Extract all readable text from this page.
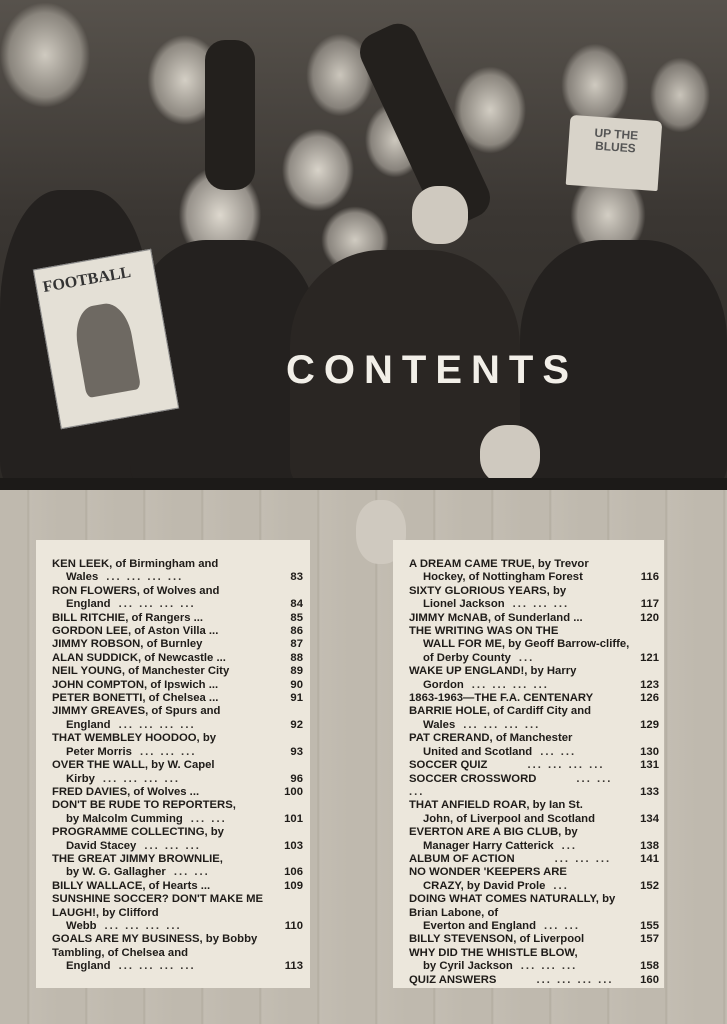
FOOTBALL
UP THE BLUES
CONTENTS
KEN LEEK, of Birmingham and
Wales ... ... ... ...	83
RON FLOWERS, of Wolves and
England ... ... ... ...	84
BILL RITCHIE, of Rangers ...	85
GORDON LEE, of Aston Villa ...	86
JIMMY ROBSON, of Burnley	87
ALAN SUDDICK, of Newcastle ...	88
NEIL YOUNG, of Manchester City	89
JOHN COMPTON, of Ipswich ...	90
PETER BONETTI, of Chelsea ...	91
JIMMY GREAVES, of Spurs and
England ... ... ... ...	92
THAT WEMBLEY HOODOO, by
Peter Morris ... ... ...	93
OVER THE WALL, by W. Capel
Kirby ... ... ... ...	96
FRED DAVIES, of Wolves ...	100
DON'T BE RUDE TO REPORTERS,
by Malcolm Cumming ... ...	101
PROGRAMME COLLECTING, by
David Stacey ... ... ...	103
THE GREAT JIMMY BROWNLIE,
by W. G. Gallagher ... ...	106
BILLY WALLACE, of Hearts ...	109
SUNSHINE SOCCER? DON'T MAKE ME LAUGH!, by Clifford
Webb ... ... ... ...	110
GOALS ARE MY BUSINESS, by Bobby Tambling, of Chelsea and
England ... ... ... ...	113
A DREAM CAME TRUE, by Trevor
Hockey, of Nottingham Forest	116
SIXTY GLORIOUS YEARS, by
Lionel Jackson ... ... ...	117
JIMMY McNAB, of Sunderland ...	120
THE WRITING WAS ON THE
WALL FOR ME, by Geoff Barrow-cliffe, of Derby County ...	121
WAKE UP ENGLAND!, by Harry
Gordon ... ... ... ...	123
1863-1963—THE F.A. CENTENARY	126
BARRIE HOLE, of Cardiff City and
Wales ... ... ... ...	129
PAT CRERAND, of Manchester
United and Scotland ... ...	130
SOCCER QUIZ	... ... ... ...	131
SOCCER CROSSWORD	... ... ...	133
THAT ANFIELD ROAR, by Ian St.
John, of Liverpool and Scotland	134
EVERTON ARE A BIG CLUB, by
Manager Harry Catterick ...	138
ALBUM OF ACTION	... ... ...	141
NO WONDER 'KEEPERS ARE
CRAZY, by David Prole ...	152
DOING WHAT COMES NATURALLY, by Brian Labone, of
Everton and England ... ...	155
BILLY STEVENSON, of Liverpool	157
WHY DID THE WHISTLE BLOW,
by Cyril Jackson ... ... ...	158
QUIZ ANSWERS	... ... ... ...	160
